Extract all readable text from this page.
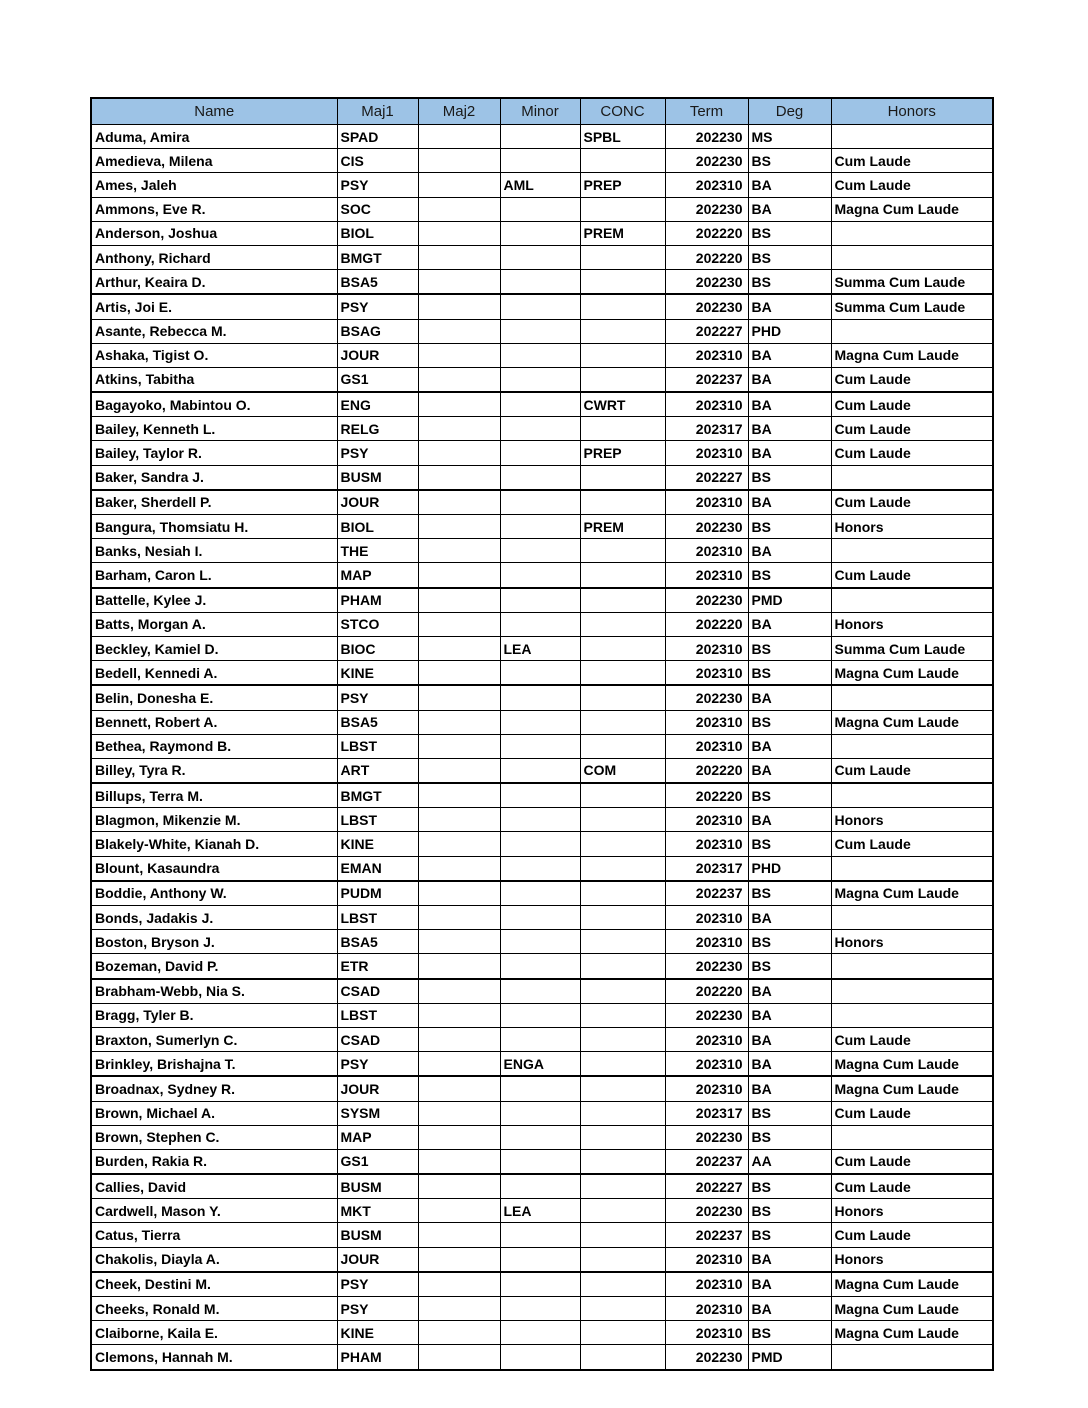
Name	Maj1	Maj2	Minor	CONC	Term	Deg	Honors
Aduma, Amira	SPAD			SPBL	202230	MS	
Amedieva, Milena	CIS				202230	BS	Cum Laude
Ames, Jaleh	PSY		AML	PREP	202310	BA	Cum Laude
Ammons, Eve R.	SOC				202230	BA	Magna Cum Laude
Anderson, Joshua	BIOL			PREM	202220	BS	
Anthony, Richard	BMGT				202220	BS	
Arthur, Keaira D.	BSA5				202230	BS	Summa Cum Laude
Artis, Joi E.	PSY				202230	BA	Summa Cum Laude
Asante, Rebecca M.	BSAG				202227	PHD	
Ashaka, Tigist O.	JOUR				202310	BA	Magna Cum Laude
Atkins, Tabitha	GS1				202237	BA	Cum Laude
Bagayoko, Mabintou O.	ENG			CWRT	202310	BA	Cum Laude
Bailey, Kenneth L.	RELG				202317	BA	Cum Laude
Bailey, Taylor R.	PSY			PREP	202310	BA	Cum Laude
Baker, Sandra J.	BUSM				202227	BS	
Baker, Sherdell P.	JOUR				202310	BA	Cum Laude
Bangura, Thomsiatu H.	BIOL			PREM	202230	BS	Honors
Banks, Nesiah I.	THE				202310	BA	
Barham, Caron L.	MAP				202310	BS	Cum Laude
Battelle, Kylee J.	PHAM				202230	PMD	
Batts, Morgan A.	STCO				202220	BA	Honors
Beckley, Kamiel D.	BIOC		LEA		202310	BS	Summa Cum Laude
Bedell, Kennedi A.	KINE				202310	BS	Magna Cum Laude
Belin, Donesha E.	PSY				202230	BA	
Bennett, Robert A.	BSA5				202310	BS	Magna Cum Laude
Bethea, Raymond B.	LBST				202310	BA	
Billey, Tyra R.	ART			COM	202220	BA	Cum Laude
Billups, Terra M.	BMGT				202220	BS	
Blagmon, Mikenzie M.	LBST				202310	BA	Honors
Blakely-White, Kianah D.	KINE				202310	BS	Cum Laude
Blount, Kasaundra	EMAN				202317	PHD	
Boddie, Anthony W.	PUDM				202237	BS	Magna Cum Laude
Bonds, Jadakis J.	LBST				202310	BA	
Boston, Bryson J.	BSA5				202310	BS	Honors
Bozeman, David P.	ETR				202230	BS	
Brabham-Webb, Nia S.	CSAD				202220	BA	
Bragg, Tyler B.	LBST				202230	BA	
Braxton, Sumerlyn C.	CSAD				202310	BA	Cum Laude
Brinkley, Brishajna T.	PSY		ENGA		202310	BA	Magna Cum Laude
Broadnax, Sydney R.	JOUR				202310	BA	Magna Cum Laude
Brown, Michael A.	SYSM				202317	BS	Cum Laude
Brown, Stephen C.	MAP				202230	BS	
Burden, Rakia R.	GS1				202237	AA	Cum Laude
Callies, David	BUSM				202227	BS	Cum Laude
Cardwell, Mason Y.	MKT		LEA		202230	BS	Honors
Catus, Tierra	BUSM				202237	BS	Cum Laude
Chakolis, Diayla A.	JOUR				202310	BA	Honors
Cheek, Destini M.	PSY				202310	BA	Magna Cum Laude
Cheeks, Ronald M.	PSY				202310	BA	Magna Cum Laude
Claiborne, Kaila E.	KINE				202310	BS	Magna Cum Laude
Clemons, Hannah M.	PHAM				202230	PMD	
